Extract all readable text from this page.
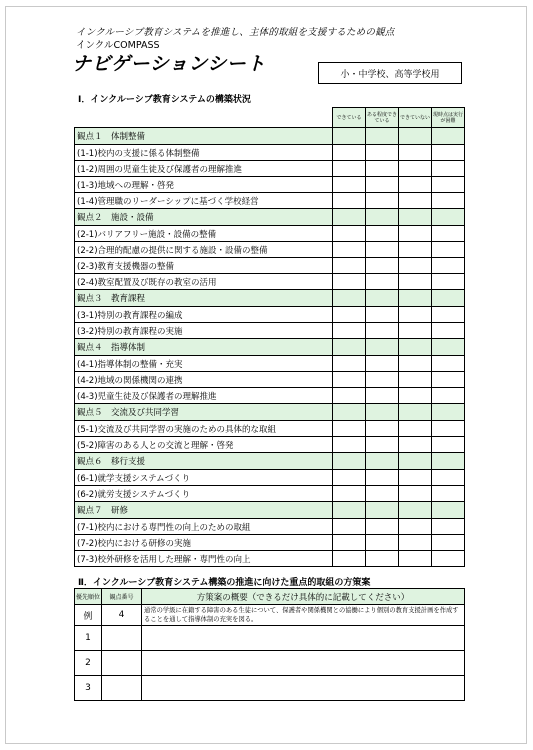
インクルーシブ教育システムを推進し、主体的取組を支援するための観点
インクルCOMPASS
ナビゲーションシート	小・中学校、高等学校用
Ⅰ．インクルーシブ教育システムの構築状況
	できている	ある程度できている	できていない	現時点は実行が困難
観点１　体制整備				
(1-1)校内の支援に係る体制整備				
(1-2)周囲の児童生徒及び保護者の理解推進				
(1-3)地域への理解・啓発				
(1-4)管理職のリーダーシップに基づく学校経営				
観点２　施設・設備				
(2-1)バリアフリー施設・設備の整備				
(2-2)合理的配慮の提供に関する施設・設備の整備				
(2-3)教育支援機器の整備				
(2-4)教室配置及び既存の教室の活用				
観点３　教育課程				
(3-1)特別の教育課程の編成				
(3-2)特別の教育課程の実施				
観点４　指導体制				
(4-1)指導体制の整備・充実				
(4-2)地域の関係機関の連携				
(4-3)児童生徒及び保護者の理解推進				
観点５　交流及び共同学習				
(5-1)交流及び共同学習の実施のための具体的な取組				
(5-2)障害のある人との交流と理解・啓発				
観点６　移行支援				
(6-1)就学支援システムづくり				
(6-2)就労支援システムづくり				
観点７　研修				
(7-1)校内における専門性の向上のための取組				
(7-2)校内における研修の実施				
(7-3)校外研修を活用した理解・専門性の向上				
Ⅱ．インクルーシブ教育システム構築の推進に向けた重点的取組の方策案
優先順位	観点番号	方策案の概要（できるだけ具体的に記載してください）
例	4	通常の学級に在籍する障害のある生徒について、保護者や関係機関との協働により個別の教育支援計画を作成することを通して指導体制の充実を図る。
1		
2		
3		
